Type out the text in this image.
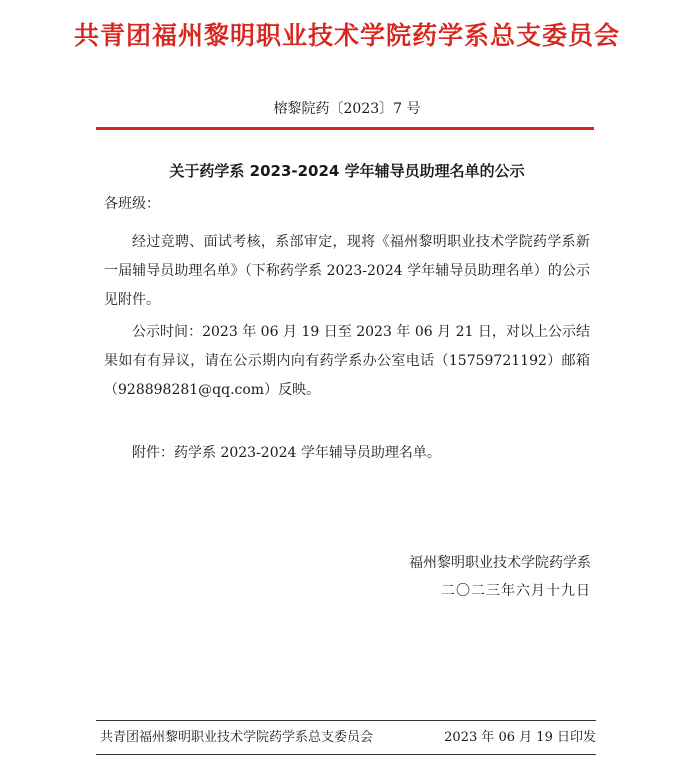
共青团福州黎明职业技术学院药学系总支委员会
榕黎院药〔2023〕7 号
关于药学系 2023-2024 学年辅导员助理名单的公示
各班级：

经过竞聘、面试考核，系部审定，现将《福州黎明职业技术学院药学系新一届辅导员助理名单》（下称药学系 2023-2024 学年辅导员助理名单）的公示见附件。

公示时间：2023 年 06 月 19 日至 2023 年 06 月 21 日，对以上公示结果如有有异议，请在公示期内向有药学系办公室电话（15759721192）邮箱（928898281@qq.com）反映。

附件：药学系 2023-2024 学年辅导员助理名单。
福州黎明职业技术学院药学系
二〇二三年六月十九日
共青团福州黎明职业技术学院药学系总支委员会	2023 年 06 月 19 日印发
